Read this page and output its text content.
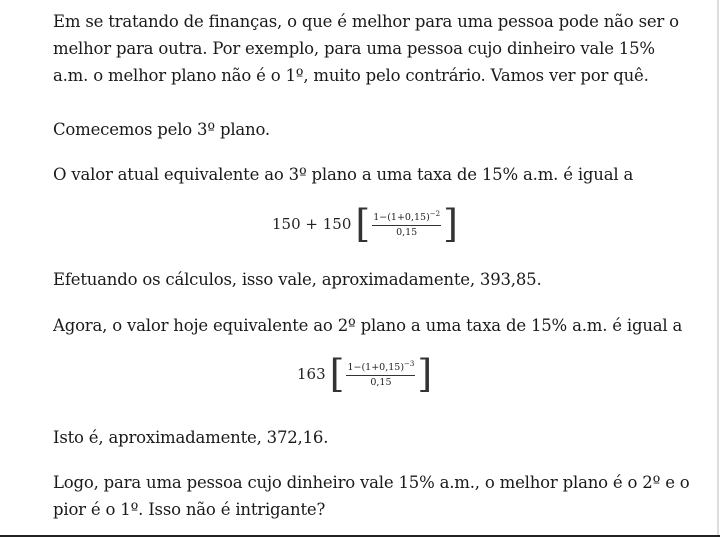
Em se tratando de finanças, o que é melhor para uma pessoa pode não ser o melhor para outra. Por exemplo, para uma pessoa cujo dinheiro vale 15% a.m. o melhor plano não é o 1º, muito pelo contrário. Vamos ver por quê.

Comecemos pelo 3º plano.

O valor atual equivalente ao 3º plano a uma taxa de 15% a.m. é igual a

150 + 150 [ $\frac{1-(1+0,15)^{-2}}{0,15}$ ]

Efetuando os cálculos, isso vale, aproximadamente, 393,85.

Agora, o valor hoje equivalente ao 2º plano a uma taxa de 15% a.m. é igual a

163 [ $\frac{1-(1+0,15)^{-3}}{0,15}$ ]

Isto é, aproximadamente, 372,16.

Logo, para uma pessoa cujo dinheiro vale 15% a.m., o melhor plano é o 2º e o pior é o 1º. Isso não é intrigante?
